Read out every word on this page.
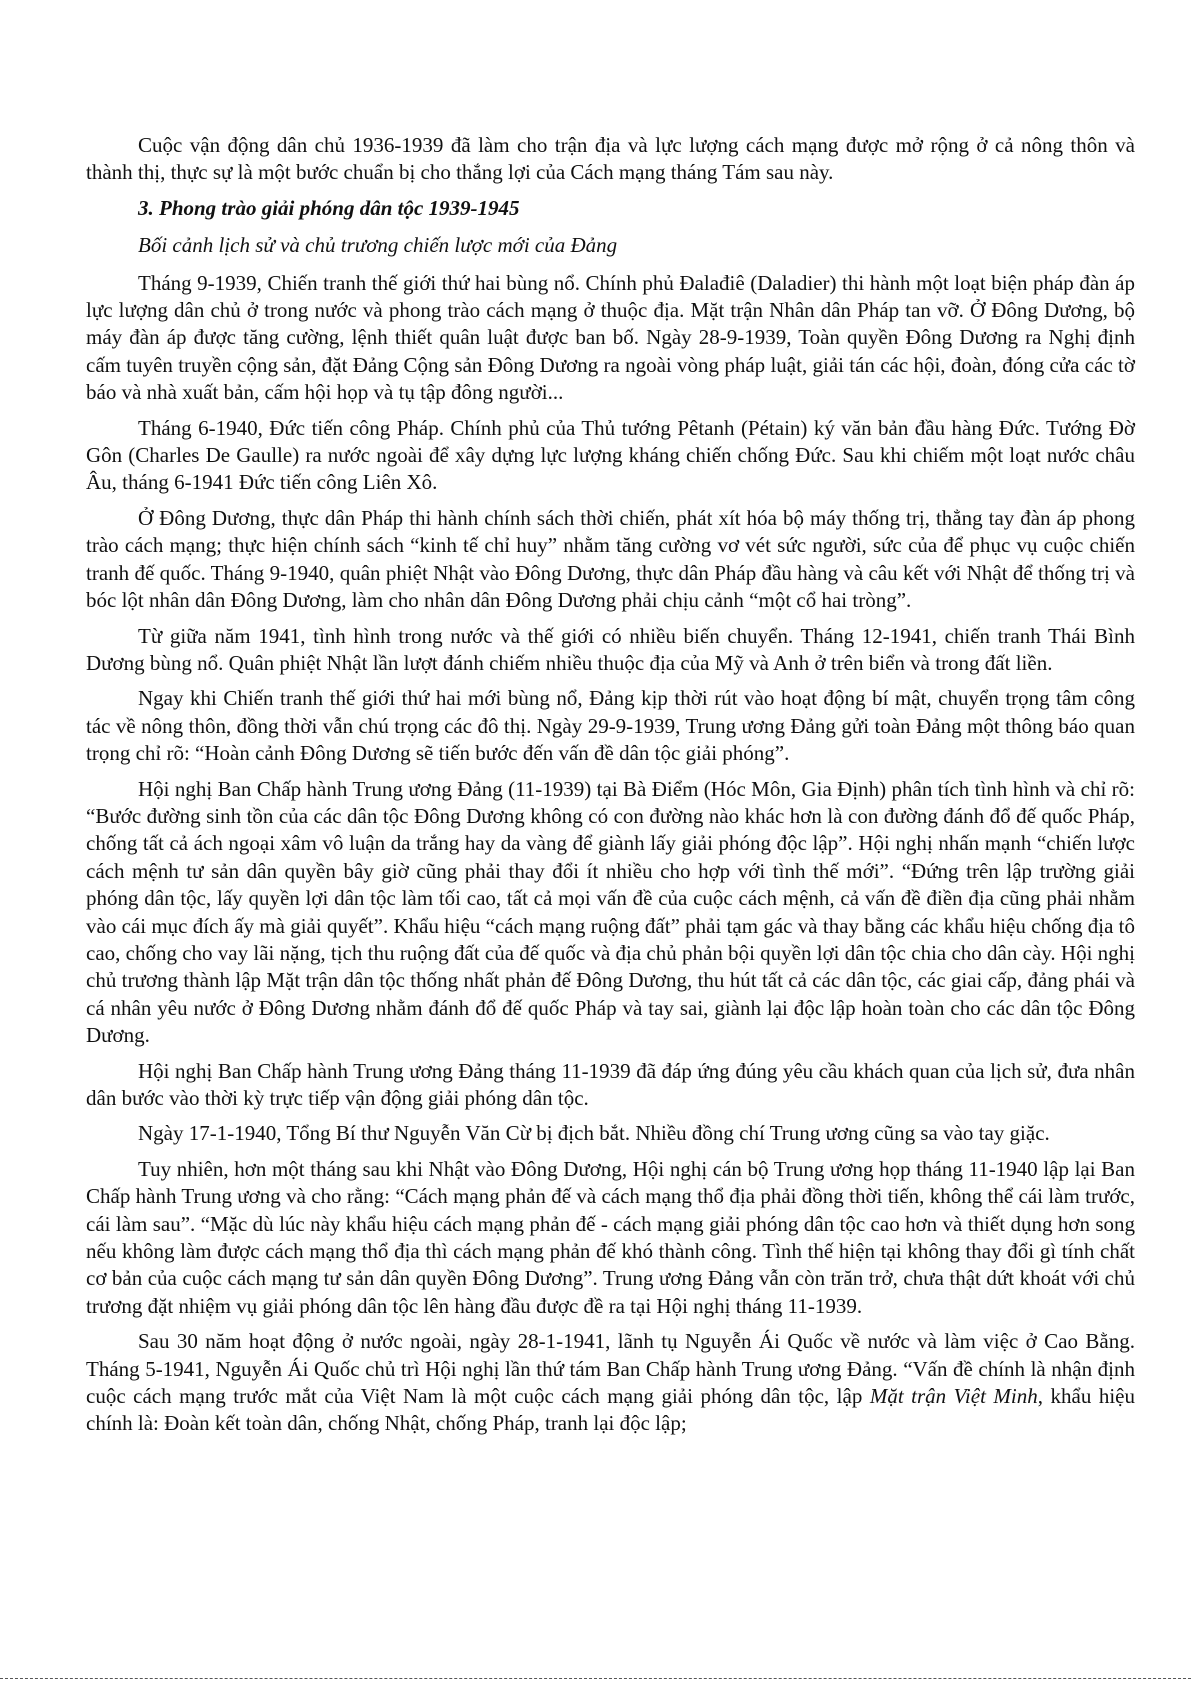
Cuộc vận động dân chủ 1936-1939 đã làm cho trận địa và lực lượng cách mạng được mở rộng ở cả nông thôn và thành thị, thực sự là một bước chuẩn bị cho thắng lợi của Cách mạng tháng Tám sau này.

3. Phong trào giải phóng dân tộc 1939-1945

Bối cảnh lịch sử và chủ trương chiến lược mới của Đảng

Tháng 9-1939, Chiến tranh thế giới thứ hai bùng nổ. Chính phủ Đalađiê (Daladier) thi hành một loạt biện pháp đàn áp lực lượng dân chủ ở trong nước và phong trào cách mạng ở thuộc địa. Mặt trận Nhân dân Pháp tan vỡ. Ở Đông Dương, bộ máy đàn áp được tăng cường, lệnh thiết quân luật được ban bố. Ngày 28-9-1939, Toàn quyền Đông Dương ra Nghị định cấm tuyên truyền cộng sản, đặt Đảng Cộng sản Đông Dương ra ngoài vòng pháp luật, giải tán các hội, đoàn, đóng cửa các tờ báo và nhà xuất bản, cấm hội họp và tụ tập đông người...

Tháng 6-1940, Đức tiến công Pháp. Chính phủ của Thủ tướng Pêtanh (Pétain) ký văn bản đầu hàng Đức. Tướng Đờ Gôn (Charles De Gaulle) ra nước ngoài để xây dựng lực lượng kháng chiến chống Đức. Sau khi chiếm một loạt nước châu Âu, tháng 6-1941 Đức tiến công Liên Xô.

Ở Đông Dương, thực dân Pháp thi hành chính sách thời chiến, phát xít hóa bộ máy thống trị, thẳng tay đàn áp phong trào cách mạng; thực hiện chính sách “kinh tế chỉ huy” nhằm tăng cường vơ vét sức người, sức của để phục vụ cuộc chiến tranh đế quốc. Tháng 9-1940, quân phiệt Nhật vào Đông Dương, thực dân Pháp đầu hàng và câu kết với Nhật để thống trị và bóc lột nhân dân Đông Dương, làm cho nhân dân Đông Dương phải chịu cảnh “một cổ hai tròng”.

Từ giữa năm 1941, tình hình trong nước và thế giới có nhiều biến chuyển. Tháng 12-1941, chiến tranh Thái Bình Dương bùng nổ. Quân phiệt Nhật lần lượt đánh chiếm nhiều thuộc địa của Mỹ và Anh ở trên biển và trong đất liền.

Ngay khi Chiến tranh thế giới thứ hai mới bùng nổ, Đảng kịp thời rút vào hoạt động bí mật, chuyển trọng tâm công tác về nông thôn, đồng thời vẫn chú trọng các đô thị. Ngày 29-9-1939, Trung ương Đảng gửi toàn Đảng một thông báo quan trọng chỉ rõ: “Hoàn cảnh Đông Dương sẽ tiến bước đến vấn đề dân tộc giải phóng”.

Hội nghị Ban Chấp hành Trung ương Đảng (11-1939) tại Bà Điểm (Hóc Môn, Gia Định) phân tích tình hình và chỉ rõ: “Bước đường sinh tồn của các dân tộc Đông Dương không có con đường nào khác hơn là con đường đánh đổ đế quốc Pháp, chống tất cả ách ngoại xâm vô luận da trắng hay da vàng để giành lấy giải phóng độc lập”. Hội nghị nhấn mạnh “chiến lược cách mệnh tư sản dân quyền bây giờ cũng phải thay đổi ít nhiều cho hợp với tình thế mới”. “Đứng trên lập trường giải phóng dân tộc, lấy quyền lợi dân tộc làm tối cao, tất cả mọi vấn đề của cuộc cách mệnh, cả vấn đề điền địa cũng phải nhằm vào cái mục đích ấy mà giải quyết”. Khẩu hiệu “cách mạng ruộng đất” phải tạm gác và thay bằng các khẩu hiệu chống địa tô cao, chống cho vay lãi nặng, tịch thu ruộng đất của đế quốc và địa chủ phản bội quyền lợi dân tộc chia cho dân cày. Hội nghị chủ trương thành lập Mặt trận dân tộc thống nhất phản đế Đông Dương, thu hút tất cả các dân tộc, các giai cấp, đảng phái và cá nhân yêu nước ở Đông Dương nhằm đánh đổ đế quốc Pháp và tay sai, giành lại độc lập hoàn toàn cho các dân tộc Đông Dương.

Hội nghị Ban Chấp hành Trung ương Đảng tháng 11-1939 đã đáp ứng đúng yêu cầu khách quan của lịch sử, đưa nhân dân bước vào thời kỳ trực tiếp vận động giải phóng dân tộc.

Ngày 17-1-1940, Tổng Bí thư Nguyễn Văn Cừ bị địch bắt. Nhiều đồng chí Trung ương cũng sa vào tay giặc.

Tuy nhiên, hơn một tháng sau khi Nhật vào Đông Dương, Hội nghị cán bộ Trung ương họp tháng 11-1940 lập lại Ban Chấp hành Trung ương và cho rằng: “Cách mạng phản đế và cách mạng thổ địa phải đồng thời tiến, không thể cái làm trước, cái làm sau”. “Mặc dù lúc này khẩu hiệu cách mạng phản đế - cách mạng giải phóng dân tộc cao hơn và thiết dụng hơn song nếu không làm được cách mạng thổ địa thì cách mạng phản đế khó thành công. Tình thế hiện tại không thay đổi gì tính chất cơ bản của cuộc cách mạng tư sản dân quyền Đông Dương”. Trung ương Đảng vẫn còn trăn trở, chưa thật dứt khoát với chủ trương đặt nhiệm vụ giải phóng dân tộc lên hàng đầu được đề ra tại Hội nghị tháng 11-1939.

Sau 30 năm hoạt động ở nước ngoài, ngày 28-1-1941, lãnh tụ Nguyễn Ái Quốc về nước và làm việc ở Cao Bằng. Tháng 5-1941, Nguyễn Ái Quốc chủ trì Hội nghị lần thứ tám Ban Chấp hành Trung ương Đảng. “Vấn đề chính là nhận định cuộc cách mạng trước mắt của Việt Nam là một cuộc cách mạng giải phóng dân tộc, lập Mặt trận Việt Minh, khẩu hiệu chính là: Đoàn kết toàn dân, chống Nhật, chống Pháp, tranh lại độc lập;
